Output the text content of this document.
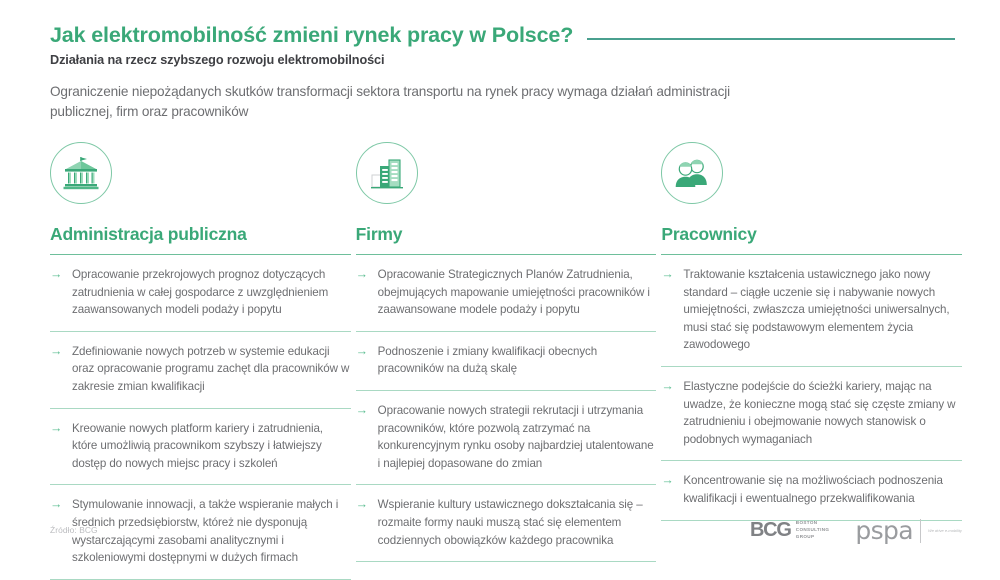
Jak elektromobilność zmieni rynek pracy w Polsce?
Działania na rzecz szybszego rozwoju elektromobilności
Ograniczenie niepożądanych skutków transformacji sektora transportu na rynek pracy wymaga działań administracji publicznej, firm oraz pracowników
Administracja publiczna
→ Opracowanie przekrojowych prognoz dotyczących zatrudnienia w całej gospodarce z uwzględnieniem zaawansowanych modeli podaży i popytu
→ Zdefiniowanie nowych potrzeb w systemie edukacji oraz opracowanie programu zachęt dla pracowników w zakresie zmian kwalifikacji
→ Kreowanie nowych platform kariery i zatrudnienia, które umożliwią pracownikom szybszy i łatwiejszy dostęp do nowych miejsc pracy i szkoleń
→ Stymulowanie innowacji, a także wspieranie małych i średnich przedsiębiorstw, któreż nie dysponują wystarczającymi zasobami analitycznymi i szkoleniowymi dostępnymi w dużych firmach
Firmy
→ Opracowanie Strategicznych Planów Zatrudnienia, obejmujących mapowanie umiejętności pracowników i zaawansowane modele podaży i popytu
→ Podnoszenie i zmiany kwalifikacji obecnych pracowników na dużą skalę
→ Opracowanie nowych strategii rekrutacji i utrzymania pracowników, które pozwolą zatrzymać na konkurencyjnym rynku osoby najbardziej utalentowane i najlepiej dopasowane do zmian
→ Wspieranie kultury ustawicznego dokształcania się – rozmaite formy nauki muszą stać się elementem codziennych obowiązków każdego pracownika
Pracownicy
→ Traktowanie kształcenia ustawicznego jako nowy standard – ciągłe uczenie się i nabywanie nowych umiejętności, zwłaszcza umiejętności uniwersalnych, musi stać się podstawowym elementem życia zawodowego
→ Elastyczne podejście do ścieżki kariery, mając na uwadze, że konieczne mogą stać się częste zmiany w zatrudnieniu i obejmowanie nowych stanowisk o podobnych wymaganiach
→ Koncentrowanie się na możliwościach podnoszenia kwalifikacji i ewentualnego przekwalifikowania
Źródło: BCG	BCG BOSTON
CONSULTING
GROUP	pspa	We drive e-mobility
